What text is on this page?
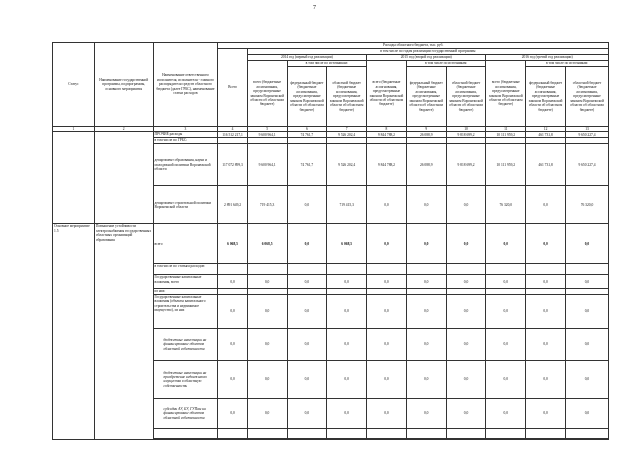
7
Статус	Наименование государственной программы, подпрограммы, основного мероприятия	Наименование ответственного исполнителя, исполнителя - главного распорядителя средств областного бюджета (далее ГРБС), наименование статьи расходов	Расходы областного бюджета, тыс. руб.									
			Всего	в том числе по годам реализации государственной программы								
				2014 год (первый год реализации)			2015 год (второй год реализации)			2016 год (третий год реализации)		
				всего (бюджетные ассигнования, предусмотренные законом Воронежской области об областном бюджете)	в том числе по источникам:		всего (бюджетные ассигнования, предусмотренные законом Воронежской области об областном бюджете)	в том числе по источникам:		всего (бюджетные ассигнования, предусмотренные законом Воронежской области об областном бюджете)	в том числе по источникам:	
					федеральный бюджет (бюджетные ассигнования, предусмотренные законом Воронежской области об областном бюджете)	областной бюджет (бюджетные ассигнования, предусмотренные законом Воронежской области об областном бюджете)		федеральный бюджет (бюджетные ассигнования, предусмотренные законом Воронежской области об областном бюджете)	областной бюджет (бюджетные ассигнования, предусмотренные законом Воронежской области об областном бюджете)		федеральный бюджет (бюджетные ассигнования, предусмотренные законом Воронежской области об областном бюджете)	областной бюджет (бюджетные ассигнования, предусмотренные законом Воронежской области об областном бюджете)
1	2	3	4	5	6	7	8	9	10	11	12	13
		ПРОЧИЕ расходы	116 512 217,1	9 600 964,1	74 761,7	9 526 202,4	9 844 788,2	26 088,9	9 818 699,2	10 111 959,2	461 731,8	9 650 227,4
		в том числе по ГРБС:										
		департамент образования, науки и молодежной политики Воронежской области	117 072 899,3	9 600 964,1	74 761,7	9 526 202,4	9 844 788,2	26 088,9	9 818 699,2	10 111 959,2	461 731,8	9 650 227,4
		департамент строительной политики Воронежской области	2 891 649,2	719 415,3	0,0	719 415,3	0,0	0,0	0,0	76 320,0	0,0	76 320,0
Основное мероприятие 1.5	Повышение устойчивости электроснабжения государственных областных организаций образования	всего	6 068,5	6 068,5	0,0	6 068,5	0,0	0,0	0,0	0,0	0,0	0,0
		в том числе по статьям расходов:										
		Государственные капитальные вложения, всего	0,0	0,0	0,0	0,0	0,0	0,0	0,0	0,0	0,0	0,0
		из них:										
		Государственные капитальные вложения (объекты капитального строительства и недвижимое имущество), из них	0,0	0,0	0,0	0,0	0,0	0,0	0,0	0,0	0,0	0,0
		бюджетные инвестиции на финансирование объектов областной собственности	0,0	0,0	0,0	0,0	0,0	0,0	0,0	0,0	0,0	0,0
		бюджетные инвестиции на приобретение недвижимого имущества в областную собственность	0,0	0,0	0,0	0,0	0,0	0,0	0,0	0,0	0,0	0,0
		субсидии АУ, БУ, ГУПам на финансирование объектов областной собственности	0,0	0,0	0,0	0,0	0,0	0,0	0,0	0,0	0,0	0,0
